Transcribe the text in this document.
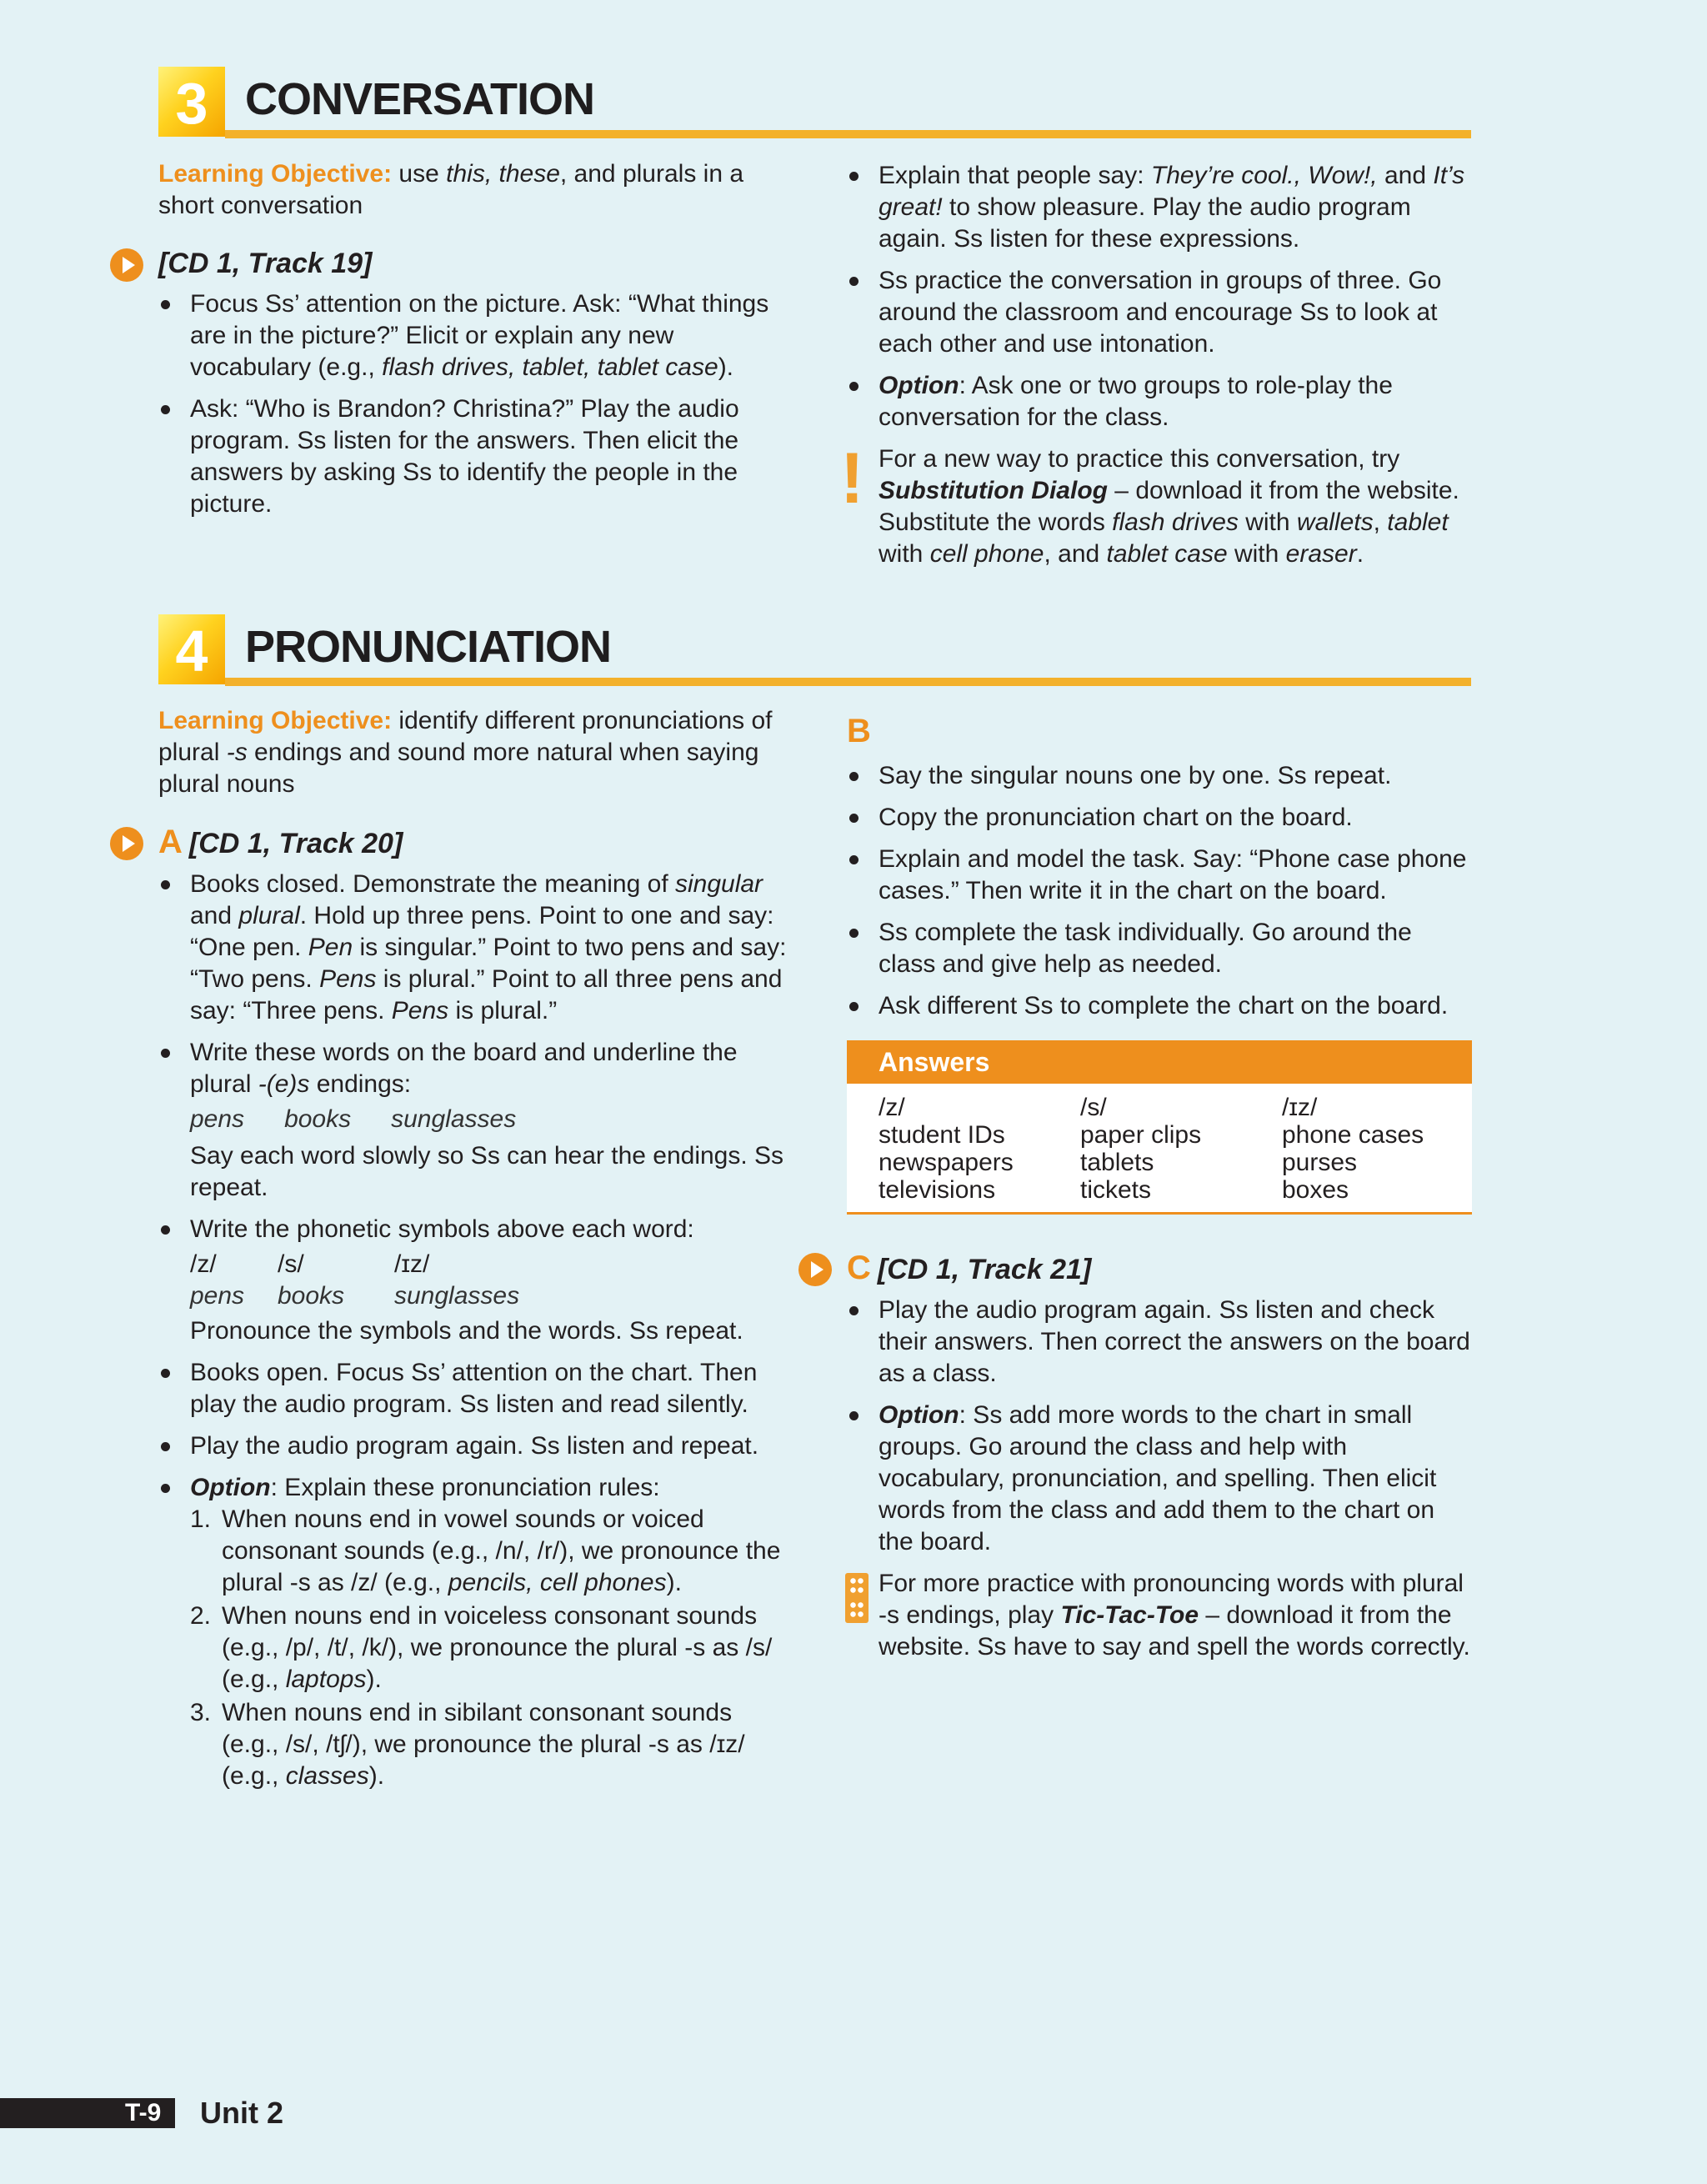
3 CONVERSATION

Learning Objective: use this, these, and plurals in a short conversation

[CD 1, Track 19]
Focus Ss’ attention on the picture. Ask: “What things are in the picture?” Elicit or explain any new vocabulary (e.g., flash drives, tablet, tablet case).
Ask: “Who is Brandon? Christina?” Play the audio program. Ss listen for the answers. Then elicit the answers by asking Ss to identify the people in the picture.
Explain that people say: They’re cool., Wow!, and It’s great! to show pleasure. Play the audio program again. Ss listen for these expressions.
Ss practice the conversation in groups of three. Go around the classroom and encourage Ss to look at each other and use intonation.
Option: Ask one or two groups to role-play the conversation for the class.
! For a new way to practice this conversation, try Substitution Dialog – download it from the website. Substitute the words flash drives with wallets, tablet with cell phone, and tablet case with eraser.
4 PRONUNCIATION

Learning Objective: identify different pronunciations of plural -s endings and sound more natural when saying plural nouns

A [CD 1, Track 20]
Books closed. Demonstrate the meaning of singular and plural. Hold up three pens. Point to one and say: “One pen. Pen is singular.” Point to two pens and say: “Two pens. Pens is plural.” Point to all three pens and say: “Three pens. Pens is plural.”
Write these words on the board and underline the plural -(e)s endings:
pens books sunglasses

Say each word slowly so Ss can hear the endings. Ss repeat.

Write the phonetic symbols above each word:
/z/	/s/	/ɪz/
pens	books	sunglasses

Pronounce the symbols and the words. Ss repeat.

Books open. Focus Ss’ attention on the chart. Then play the audio program. Ss listen and read silently.
Play the audio program again. Ss listen and repeat.
Option: Explain these pronunciation rules:
1. When nouns end in vowel sounds or voiced consonant sounds (e.g., /n/, /r/), we pronounce the plural -s as /z/ (e.g., pencils, cell phones).
2. When nouns end in voiceless consonant sounds (e.g., /p/, /t/, /k/), we pronounce the plural -s as /s/ (e.g., laptops).
3. When nouns end in sibilant consonant sounds (e.g., /s/, /tʃ/), we pronounce the plural -s as /ɪz/ (e.g., classes).
B
Say the singular nouns one by one. Ss repeat.
Copy the pronunciation chart on the board.
Explain and model the task. Say: “Phone case phone cases.” Then write it in the chart on the board.
Ss complete the task individually. Go around the class and give help as needed.
Ask different Ss to complete the chart on the board.
Answers
/z/	/s/	/ɪz/
student IDs	paper clips	phone cases
newspapers	tablets	purses
televisions	tickets	boxes
C [CD 1, Track 21]
Play the audio program again. Ss listen and check their answers. Then correct the answers on the board as a class.
Option: Ss add more words to the chart in small groups. Go around the class and help with vocabulary, pronunciation, and spelling. Then elicit words from the class and add them to the chart on the board.
For more practice with pronouncing words with plural -s endings, play Tic-Tac-Toe – download it from the website. Ss have to say and spell the words correctly.
T-9 Unit 2
